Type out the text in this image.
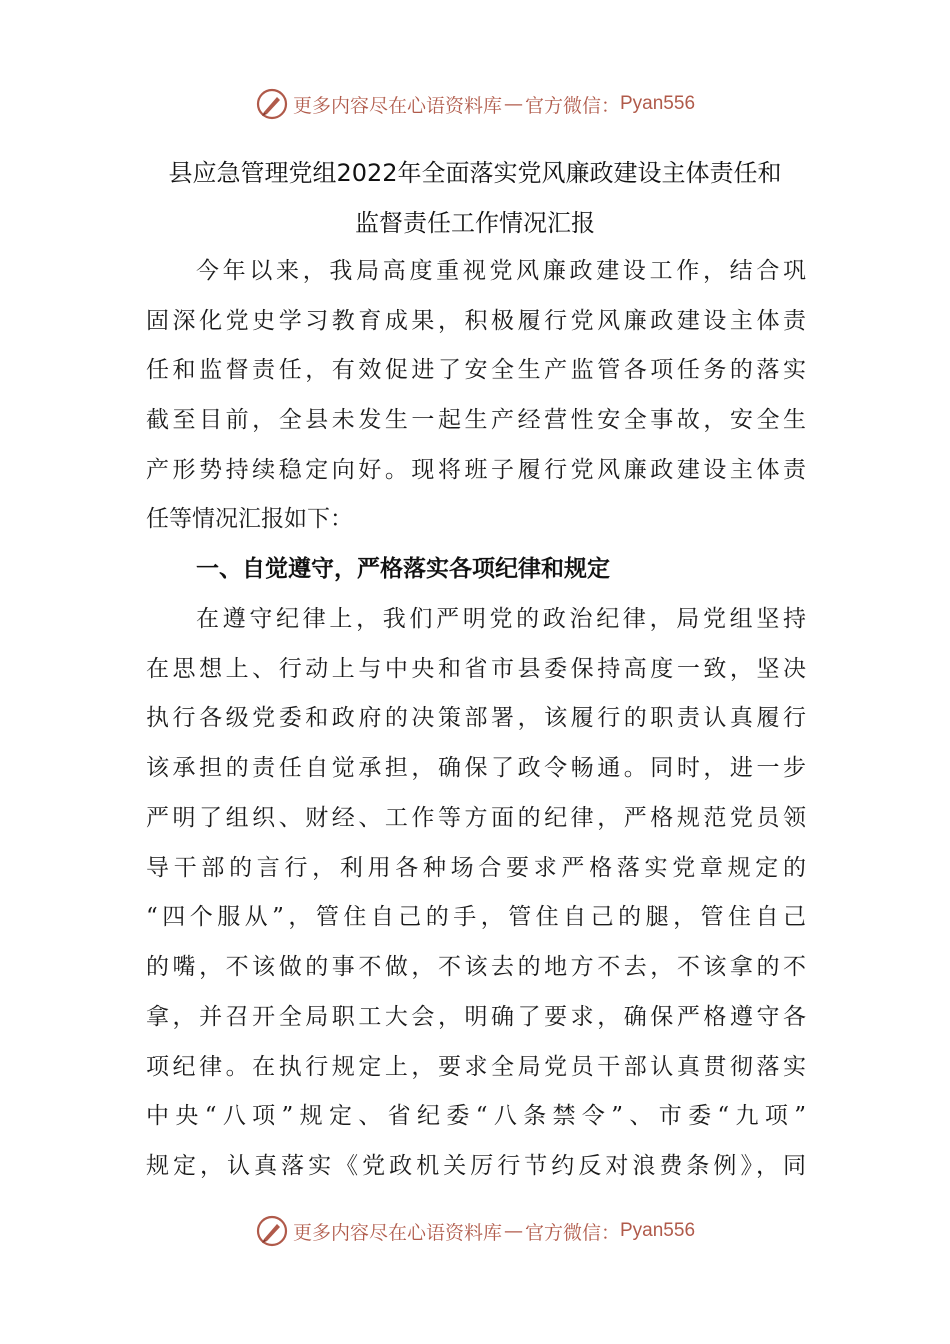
更多内容尽在心语资料库 — 官方微信： Pyan556
县应急管理党组2022年全面落实党风廉政建设主体责任和
监督责任工作情况汇报
今年以来，我局高度重视党风廉政建设工作，结合巩
固深化党史学习教育成果，积极履行党风廉政建设主体责
任和监督责任，有效促进了安全生产监管各项任务的落实
截至目前，全县未发生一起生产经营性安全事故，安全生
产形势持续稳定向好。现将班子履行党风廉政建设主体责
任等情况汇报如下：
一、自觉遵守，严格落实各项纪律和规定
在遵守纪律上，我们严明党的政治纪律，局党组坚持
在思想上、行动上与中央和省市县委保持高度一致，坚决
执行各级党委和政府的决策部署，该履行的职责认真履行
该承担的责任自觉承担，确保了政令畅通。同时，进一步
严明了组织、财经、工作等方面的纪律，严格规范党员领
导干部的言行，利用各种场合要求严格落实党章规定的
“四个服从”，管住自己的手，管住自己的腿，管住自己
的嘴，不该做的事不做，不该去的地方不去，不该拿的不
拿，并召开全局职工大会，明确了要求，确保严格遵守各
项纪律。在执行规定上，要求全局党员干部认真贯彻落实
中央“八项”规定、省纪委“八条禁令”、市委“九项”
规定，认真落实《党政机关厉行节约反对浪费条例》，同
更多内容尽在心语资料库 — 官方微信： Pyan556
